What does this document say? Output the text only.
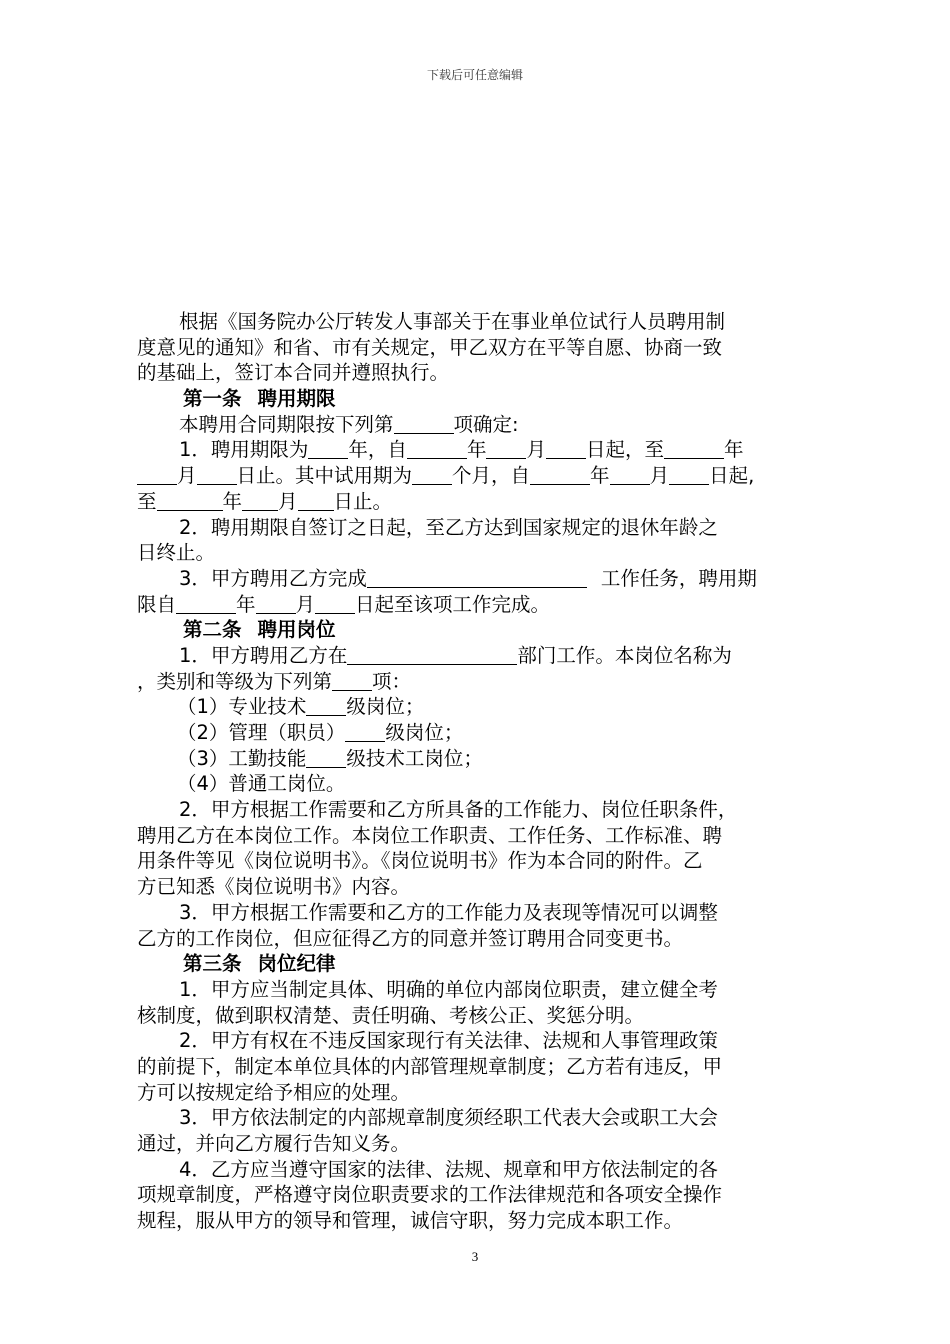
下载后可任意编辑
根据《国务院办公厅转发人事部关于在事业单位试行人员聘用制
度意见的通知》和省、市有关规定，甲乙双方在平等自愿、协商一致
的基础上，签订本合同并遵照执行。
第一条 聘用期限
本聘用合同期限按下列第	项确定:
1．聘用期限为 年，自	年 月 日起，至	年
月 日止。其中试用期为 个月，自	年 月 日起,
至	年 月 日止。
2．聘用期限自签订之日起，至乙方达到国家规定的退休年龄之
日终止。
3．甲方聘用乙方完成	工作任务，聘用期
限自	年 月 日起至该项工作完成。
第二条 聘用岗位
1．甲方聘用乙方在	部门工作。本岗位名称为
，类别和等级为下列第 项：
（1）专业技术 级岗位；
（2）管理（职员） 级岗位；
（3）工勤技能 级技术工岗位；
（4）普通工岗位。
2．甲方根据工作需要和乙方所具备的工作能力、岗位任职条件，
聘用乙方在本岗位工作。本岗位工作职责、工作任务、工作标准、聘
用条件等见《岗位说明书》。《岗位说明书》作为本合同的附件。乙
方已知悉《岗位说明书》内容。
3．甲方根据工作需要和乙方的工作能力及表现等情况可以调整
乙方的工作岗位，但应征得乙方的同意并签订聘用合同变更书。
第三条 岗位纪律
1．甲方应当制定具体、明确的单位内部岗位职责，建立健全考
核制度，做到职权清楚、责任明确、考核公正、奖惩分明。
2．甲方有权在不违反国家现行有关法律、法规和人事管理政策
的前提下，制定本单位具体的内部管理规章制度；乙方若有违反，甲
方可以按规定给予相应的处理。
3．甲方依法制定的内部规章制度须经职工代表大会或职工大会
通过，并向乙方履行告知义务。
4．乙方应当遵守国家的法律、法规、规章和甲方依法制定的各
项规章制度，严格遵守岗位职责要求的工作法律规范和各项安全操作
规程，服从甲方的领导和管理，诚信守职，努力完成本职工作。
3
